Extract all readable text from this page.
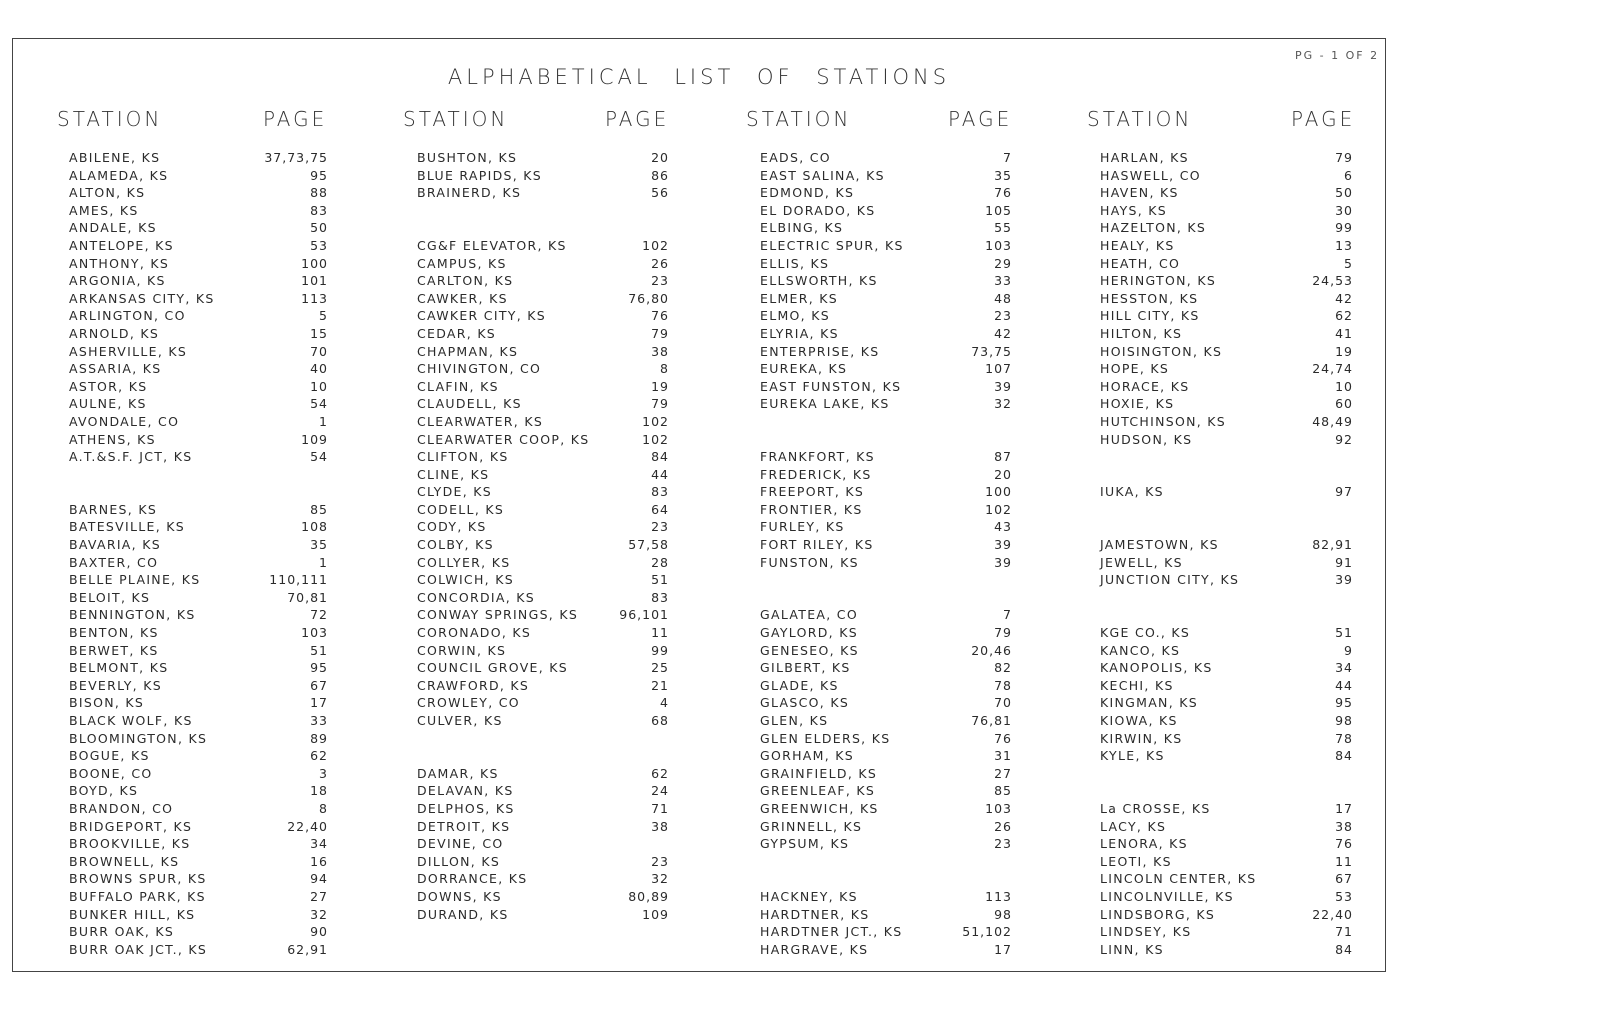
PG - 1 OF 2
ALPHABETICAL LIST OF STATIONS
STATION	PAGE
ABILENE, KS	37,73,75
ALAMEDA, KS	95
ALTON, KS	88
AMES, KS	83
ANDALE, KS	50
ANTELOPE, KS	53
ANTHONY, KS	100
ARGONIA, KS	101
ARKANSAS CITY, KS	113
ARLINGTON, CO	5
ARNOLD, KS	15
ASHERVILLE, KS	70
ASSARIA, KS	40
ASTOR, KS	10
AULNE, KS	54
AVONDALE, CO	1
ATHENS, KS	109
A.T.&S.F. JCT, KS	54
BARNES, KS	85
BATESVILLE, KS	108
BAVARIA, KS	35
BAXTER, CO	1
BELLE PLAINE, KS	110,111
BELOIT, KS	70,81
BENNINGTON, KS	72
BENTON, KS	103
BERWET, KS	51
BELMONT, KS	95
BEVERLY, KS	67
BISON, KS	17
BLACK WOLF, KS	33
BLOOMINGTON, KS	89
BOGUE, KS	62
BOONE, CO	3
BOYD, KS	18
BRANDON, CO	8
BRIDGEPORT, KS	22,40
BROOKVILLE, KS	34
BROWNELL, KS	16
BROWNS SPUR, KS	94
BUFFALO PARK, KS	27
BUNKER HILL, KS	32
BURR OAK, KS	90
BURR OAK JCT., KS	62,91
STATION	PAGE
BUSHTON, KS	20
BLUE RAPIDS, KS	86
BRAINERD, KS	56
CG&F ELEVATOR, KS	102
CAMPUS, KS	26
CARLTON, KS	23
CAWKER, KS	76,80
CAWKER CITY, KS	76
CEDAR, KS	79
CHAPMAN, KS	38
CHIVINGTON, CO	8
CLAFIN, KS	19
CLAUDELL, KS	79
CLEARWATER, KS	102
CLEARWATER COOP, KS	102
CLIFTON, KS	84
CLINE, KS	44
CLYDE, KS	83
CODELL, KS	64
CODY, KS	23
COLBY, KS	57,58
COLLYER, KS	28
COLWICH, KS	51
CONCORDIA, KS	83
CONWAY SPRINGS, KS	96,101
CORONADO, KS	11
CORWIN, KS	99
COUNCIL GROVE, KS	25
CRAWFORD, KS	21
CROWLEY, CO	4
CULVER, KS	68
DAMAR, KS	62
DELAVAN, KS	24
DELPHOS, KS	71
DETROIT, KS	38
DEVINE, CO
DILLON, KS	23
DORRANCE, KS	32
DOWNS, KS	80,89
DURAND, KS	109
STATION	PAGE
EADS, CO	7
EAST SALINA, KS	35
EDMOND, KS	76
EL DORADO, KS	105
ELBING, KS	55
ELECTRIC SPUR, KS	103
ELLIS, KS	29
ELLSWORTH, KS	33
ELMER, KS	48
ELMO, KS	23
ELYRIA, KS	42
ENTERPRISE, KS	73,75
EUREKA, KS	107
EAST FUNSTON, KS	39
EUREKA LAKE, KS	32
FRANKFORT, KS	87
FREDERICK, KS	20
FREEPORT, KS	100
FRONTIER, KS	102
FURLEY, KS	43
FORT RILEY, KS	39
FUNSTON, KS	39
GALATEA, CO	7
GAYLORD, KS	79
GENESEO, KS	20,46
GILBERT, KS	82
GLADE, KS	78
GLASCO, KS	70
GLEN, KS	76,81
GLEN ELDERS, KS	76
GORHAM, KS	31
GRAINFIELD, KS	27
GREENLEAF, KS	85
GREENWICH, KS	103
GRINNELL, KS	26
GYPSUM, KS	23
HACKNEY, KS	113
HARDTNER, KS	98
HARDTNER JCT., KS	51,102
HARGRAVE, KS	17
STATION	PAGE
HARLAN, KS	79
HASWELL, CO	6
HAVEN, KS	50
HAYS, KS	30
HAZELTON, KS	99
HEALY, KS	13
HEATH, CO	5
HERINGTON, KS	24,53
HESSTON, KS	42
HILL CITY, KS	62
HILTON, KS	41
HOISINGTON, KS	19
HOPE, KS	24,74
HORACE, KS	10
HOXIE, KS	60
HUTCHINSON, KS	48,49
HUDSON, KS	92
IUKA, KS	97
JAMESTOWN, KS	82,91
JEWELL, KS	91
JUNCTION CITY, KS	39
KGE CO., KS	51
KANCO, KS	9
KANOPOLIS, KS	34
KECHI, KS	44
KINGMAN, KS	95
KIOWA, KS	98
KIRWIN, KS	78
KYLE, KS	84
La CROSSE, KS	17
LACY, KS	38
LENORA, KS	76
LEOTI, KS	11
LINCOLN CENTER, KS	67
LINCOLNVILLE, KS	53
LINDSBORG, KS	22,40
LINDSEY, KS	71
LINN, KS	84
